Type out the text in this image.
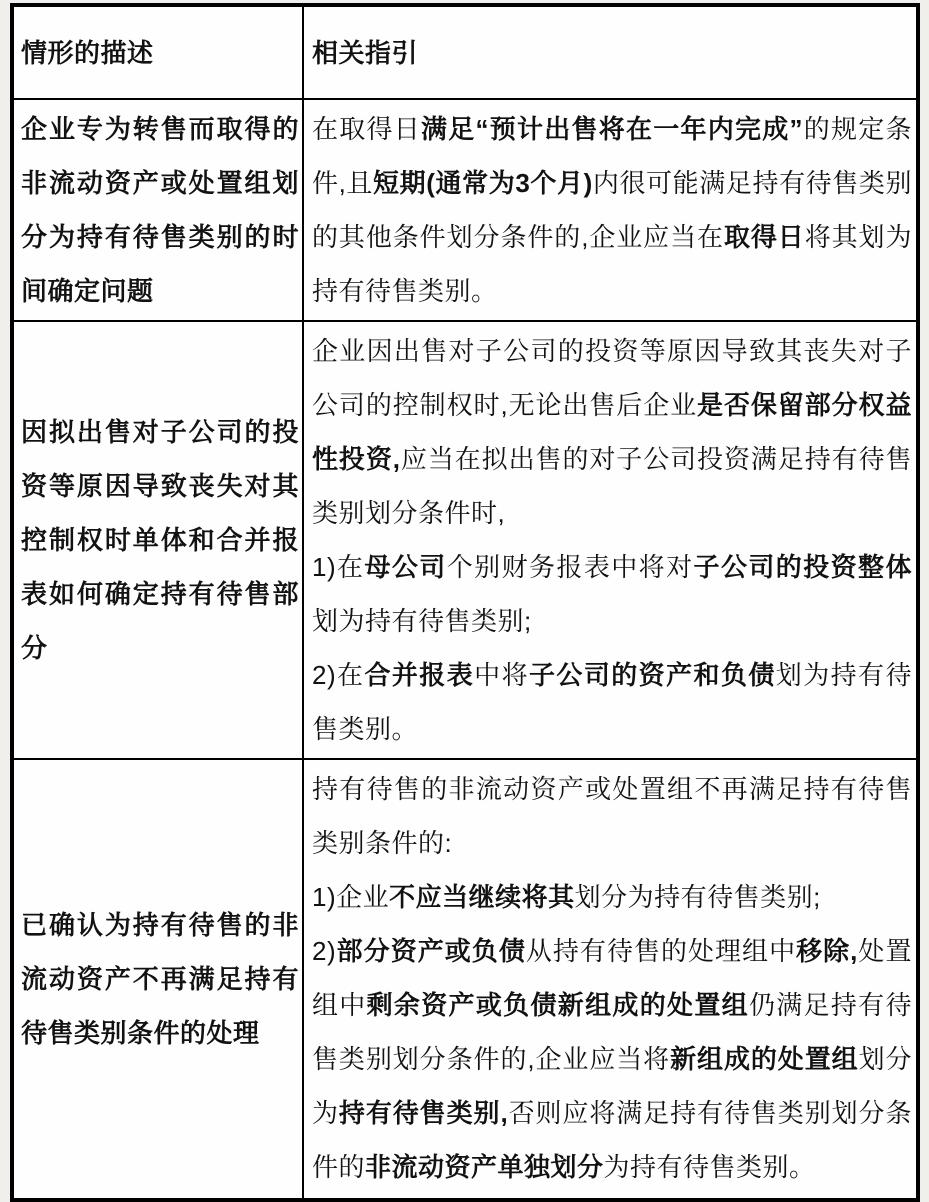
情形的描述	相关指引
企业专为转售而取得的非流动资产或处置组划分为持有待售类别的时间确定问题

在取得日满足“预计出售将在一年内完成”的规定条件,且短期(通常为3个月)内很可能满足持有待售类别的其他条件划分条件的,企业应当在取得日将其划为持有待售类别。

因拟出售对子公司的投资等原因导致丧失对其控制权时单体和合并报表如何确定持有待售部分

企业因出售对子公司的投资等原因导致其丧失对子公司的控制权时,无论出售后企业是否保留部分权益性投资,应当在拟出售的对子公司投资满足持有待售类别划分条件时,

1)在母公司个别财务报表中将对子公司的投资整体划为持有待售类别;

2)在合并报表中将子公司的资产和负债划为持有待售类别。

已确认为持有待售的非流动资产不再满足持有待售类别条件的处理

持有待售的非流动资产或处置组不再满足持有待售类别条件的:

1)企业不应当继续将其划分为持有待售类别;

2)部分资产或负债从持有待售的处理组中移除,处置组中剩余资产或负债新组成的处置组仍满足持有待售类别划分条件的,企业应当将新组成的处置组划分为持有待售类别,否则应将满足持有待售类别划分条件的非流动资产单独划分为持有待售类别。
